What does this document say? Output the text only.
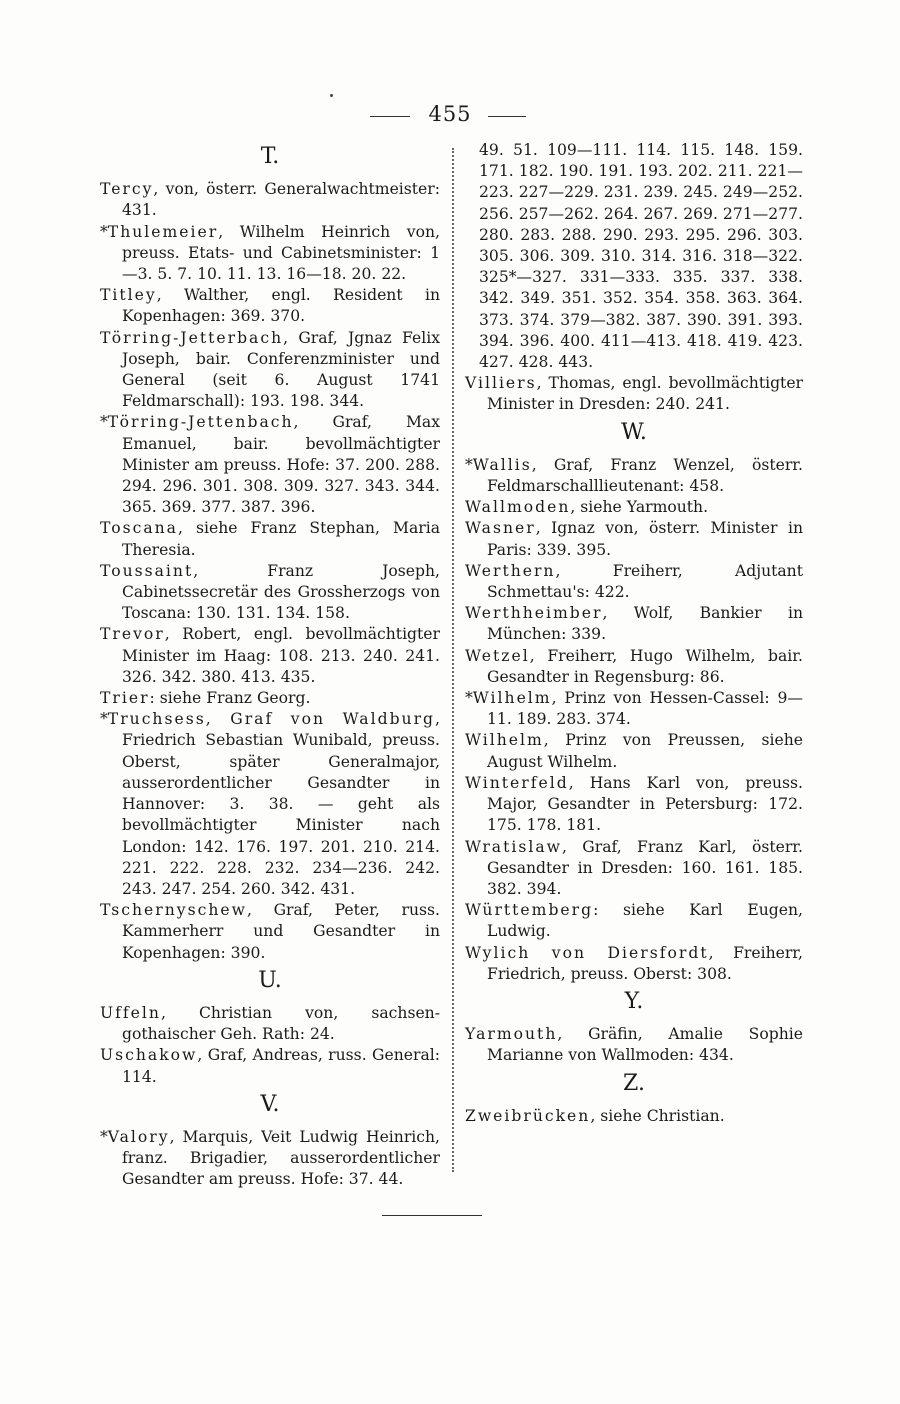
455
T.

Tercy, von, österr. Generalwachtmeister: 431.

*Thulemeier, Wilhelm Heinrich von, preuss. Etats- und Cabinetsminister: 1—3. 5. 7. 10. 11. 13. 16—18. 20. 22.

Titley, Walther, engl. Resident in Kopenhagen: 369. 370.

Törring-Jetterbach, Graf, Jgnaz Felix Joseph, bair. Conferenzminister und General (seit 6. August 1741 Feldmarschall): 193. 198. 344.

*Törring-Jettenbach, Graf, Max Emanuel, bair. bevollmächtigter Minister am preuss. Hofe: 37. 200. 288. 294. 296. 301. 308. 309. 327. 343. 344. 365. 369. 377. 387. 396.

Toscana, siehe Franz Stephan, Maria Theresia.

Toussaint, Franz Joseph, Cabinetssecretär des Grossherzogs von Toscana: 130. 131. 134. 158.

Trevor, Robert, engl. bevollmächtigter Minister im Haag: 108. 213. 240. 241. 326. 342. 380. 413. 435.

Trier: siehe Franz Georg.

*Truchsess, Graf von Waldburg, Friedrich Sebastian Wunibald, preuss. Oberst, später Generalmajor, ausserordentlicher Gesandter in Hannover: 3. 38. — geht als bevollmächtigter Minister nach London: 142. 176. 197. 201. 210. 214. 221. 222. 228. 232. 234—236. 242. 243. 247. 254. 260. 342. 431.

Tschernyschew, Graf, Peter, russ. Kammerherr und Gesandter in Kopenhagen: 390.

U.

Uffeln, Christian von, sachsen-gothaischer Geh. Rath: 24.

Uschakow, Graf, Andreas, russ. General: 114.

V.

*Valory, Marquis, Veit Ludwig Heinrich, franz. Brigadier, ausserordentlicher Gesandter am preuss. Hofe: 37. 44.

49. 51. 109—111. 114. 115. 148. 159. 171. 182. 190. 191. 193. 202. 211. 221—223. 227—229. 231. 239. 245. 249—252. 256. 257—262. 264. 267. 269. 271—277. 280. 283. 288. 290. 293. 295. 296. 303. 305. 306. 309. 310. 314. 316. 318—322. 325*—327. 331—333. 335. 337. 338. 342. 349. 351. 352. 354. 358. 363. 364. 373. 374. 379—382. 387. 390. 391. 393. 394. 396. 400. 411—413. 418. 419. 423. 427. 428. 443.

Villiers, Thomas, engl. bevollmächtigter Minister in Dresden: 240. 241.

W.

*Wallis, Graf, Franz Wenzel, österr. Feldmarschalllieutenant: 458.

Wallmoden, siehe Yarmouth.

Wasner, Ignaz von, österr. Minister in Paris: 339. 395.

Werthern, Freiherr, Adjutant Schmettau's: 422.

Werthheimber, Wolf, Bankier in München: 339.

Wetzel, Freiherr, Hugo Wilhelm, bair. Gesandter in Regensburg: 86.

*Wilhelm, Prinz von Hessen-Cassel: 9—11. 189. 283. 374.

Wilhelm, Prinz von Preussen, siehe August Wilhelm.

Winterfeld, Hans Karl von, preuss. Major, Gesandter in Petersburg: 172. 175. 178. 181.

Wratislaw, Graf, Franz Karl, österr. Gesandter in Dresden: 160. 161. 185. 382. 394.

Württemberg: siehe Karl Eugen, Ludwig.

Wylich von Diersfordt, Freiherr, Friedrich, preuss. Oberst: 308.

Y.

Yarmouth, Gräfin, Amalie Sophie Marianne von Wallmoden: 434.

Z.

Zweibrücken, siehe Christian.
